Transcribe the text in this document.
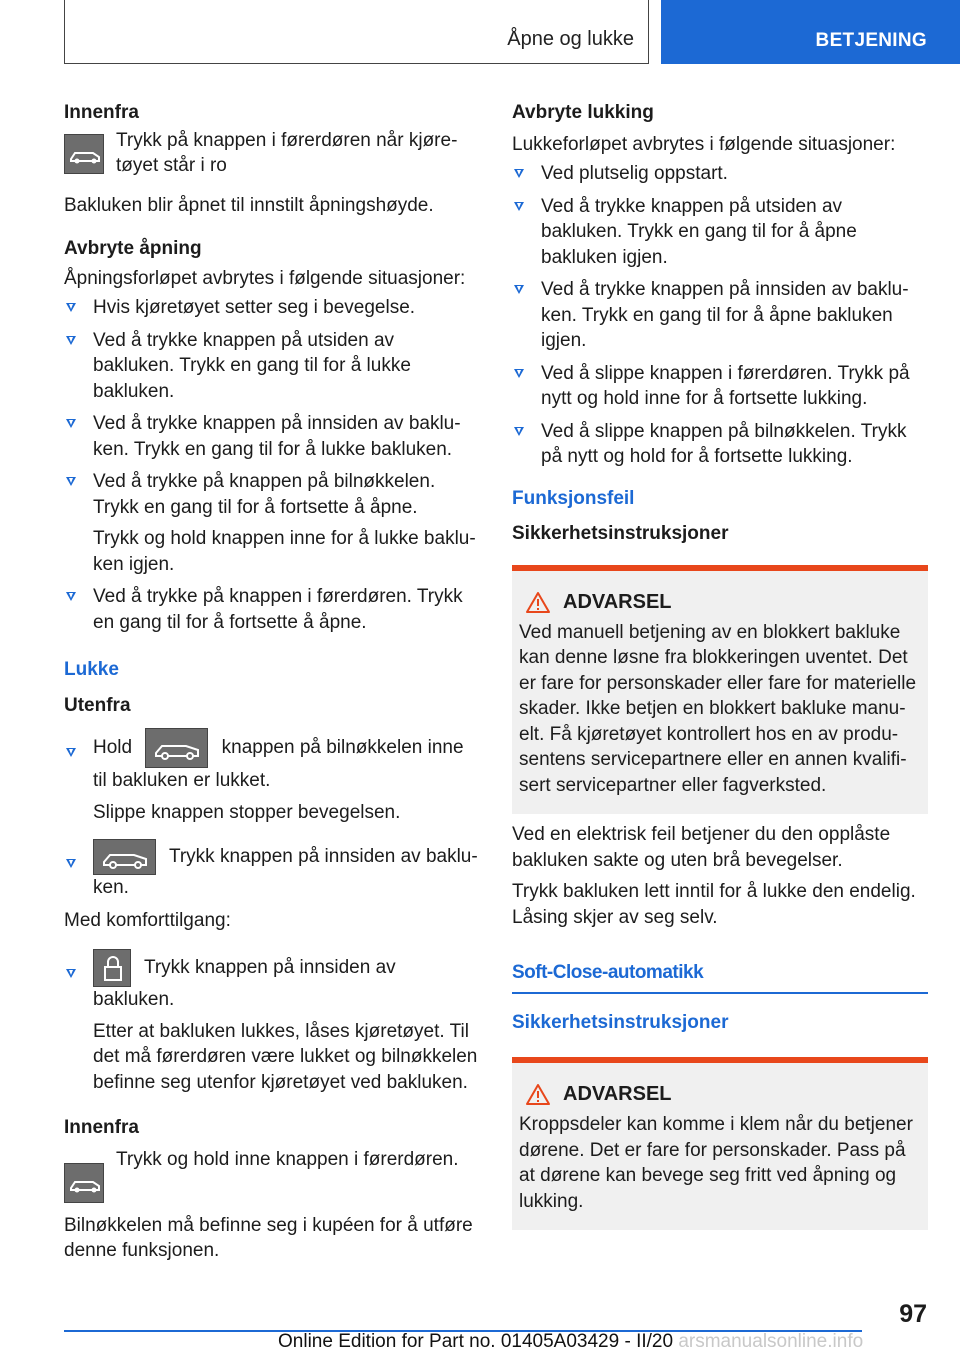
Åpne og lukke	BETJENING

Innenfra

Trykk på knappen i førerdøren når kjøre-
tøyet står i ro

Bakluken blir åpnet til innstilt åpningshøyde.

Avbryte åpning

Åpningsforløpet avbrytes i følgende situasjoner:

Hvis kjøretøyet setter seg i bevegelse.
Ved å trykke knappen på utsiden av bakluken. Trykk en gang til for å lukke bakluken.
Ved å trykke knappen på innsiden av baklu-
ken. Trykk en gang til for å lukke bakluken.
Ved å trykke på knappen på bilnøkkelen. Trykk en gang til for å fortsette å åpne.

Trykk og hold knappen inne for å lukke baklu-
ken igjen.

Ved å trykke på knappen i førerdøren. Trykk en gang til for å fortsette å åpne.

Lukke

Utenfra

Hold	knappen på bilnøkkelen inne til bakluken er lukket.

Slippe knappen stopper bevegelsen.

Trykk knappen på innsiden av baklu-
ken.

Med komforttilgang:

Trykk knappen på innsiden av bakluken.

Etter at bakluken lukkes, låses kjøretøyet. Til det må førerdøren være lukket og bilnøkkelen befinne seg utenfor kjøretøyet ved bakluken.

Innenfra

Trykk og hold inne knappen i førerdøren.

Bilnøkkelen må befinne seg i kupéen for å utføre denne funksjonen.

Avbryte lukking

Lukkeforløpet avbrytes i følgende situasjoner:

Ved plutselig oppstart.
Ved å trykke knappen på utsiden av bakluken. Trykk en gang til for å åpne bakluken igjen.
Ved å trykke knappen på innsiden av baklu-
ken. Trykk en gang til for å åpne bakluken igjen.
Ved å slippe knappen i førerdøren. Trykk på nytt og hold inne for å fortsette lukking.
Ved å slippe knappen på bilnøkkelen. Trykk på nytt og hold for å fortsette lukking.

Funksjonsfeil

Sikkerhetsinstruksjoner

ADVARSEL

Ved manuell betjening av en blokkert bakluke kan denne løsne fra blokkeringen uventet. Det er fare for personskader eller fare for materielle skader. Ikke betjen en blokkert bakluke manu- elt. Få kjøretøyet kontrollert hos en av produ- sentens servicepartnere eller en annen kvalifi- sert servicepartner eller fagverksted.

Ved en elektrisk feil betjener du den opplåste bakluken sakte og uten brå bevegelser.

Trykk bakluken lett inntil for å lukke den endelig. Låsing skjer av seg selv.

Soft-Close-automatikk

Sikkerhetsinstruksjoner

ADVARSEL

Kroppsdeler kan komme i klem når du betjener dørene. Det er fare for personskader. Pass på at dørene kan bevege seg fritt ved åpning og lukking.

97
Online Edition for Part no. 01405A03429 - II/20 arsmanualsonline.info
